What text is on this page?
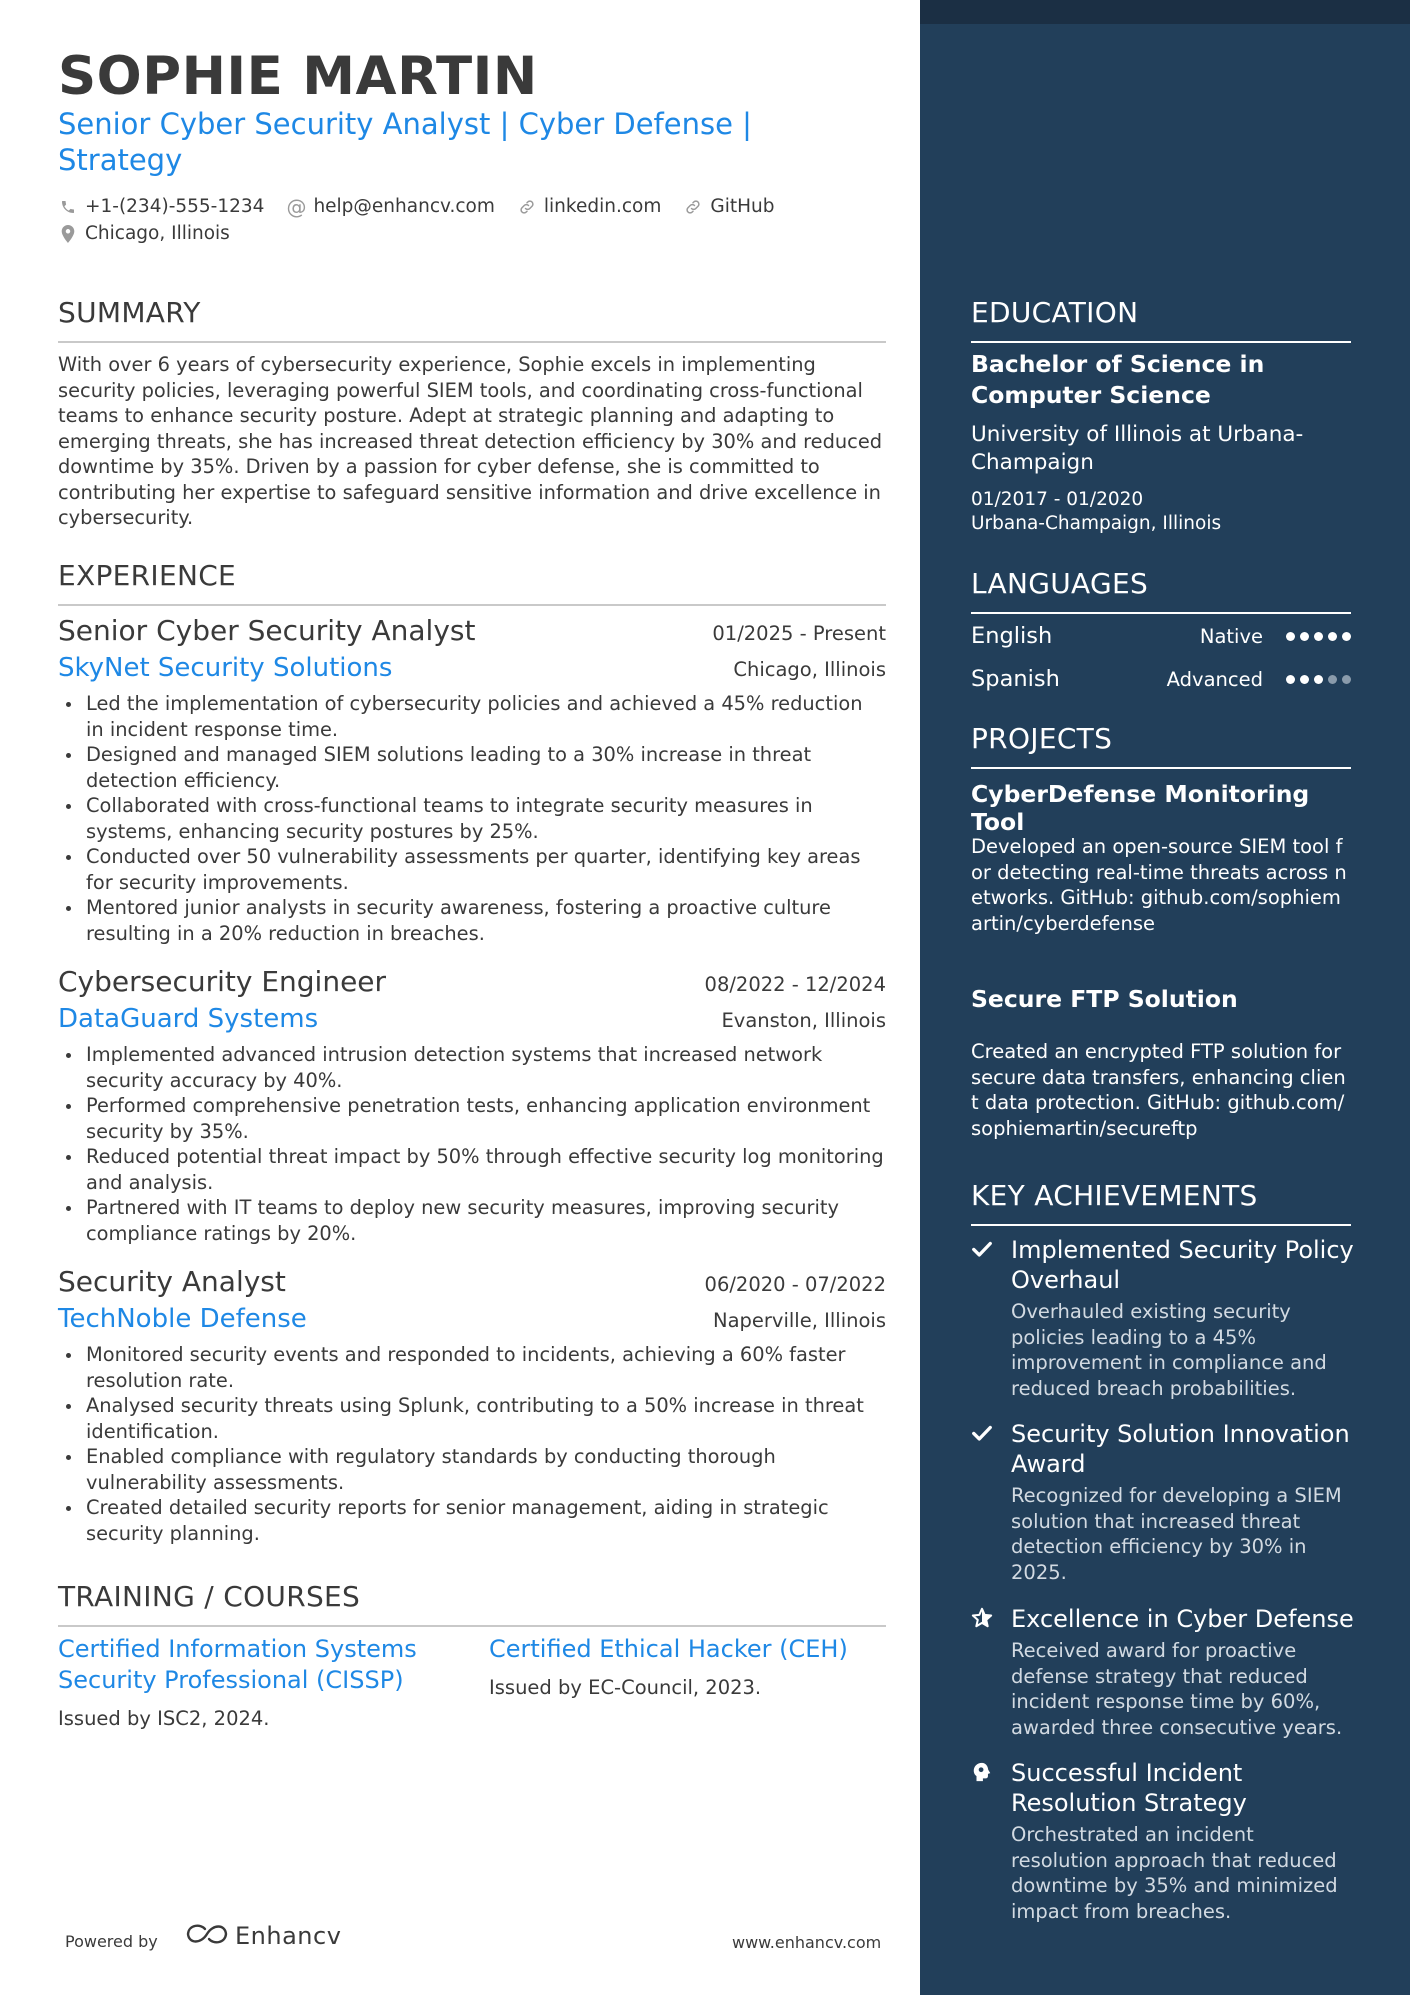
SOPHIE MARTIN
Senior Cyber Security Analyst | Cyber Defense | Strategy
+1-(234)-555-1234 @ help@enhancv.com	linkedin.com	GitHub
Chicago, Illinois
SUMMARY
With over 6 years of cybersecurity experience, Sophie excels in implementing security policies, leveraging powerful SIEM tools, and coordinating cross-functional teams to enhance security posture. Adept at strategic planning and adapting to emerging threats, she has increased threat detection efficiency by 30% and reduced downtime by 35%. Driven by a passion for cyber defense, she is committed to contributing her expertise to safeguard sensitive information and drive excellence in cybersecurity.
EXPERIENCE
Senior Cyber Security Analyst	01/2025 - Present
SkyNet Security Solutions	Chicago, Illinois
Led the implementation of cybersecurity policies and achieved a 45% reduction in incident response time.
Designed and managed SIEM solutions leading to a 30% increase in threat detection efficiency.
Collaborated with cross-functional teams to integrate security measures in systems, enhancing security postures by 25%.
Conducted over 50 vulnerability assessments per quarter, identifying key areas for security improvements.
Mentored junior analysts in security awareness, fostering a proactive culture resulting in a 20% reduction in breaches.
Cybersecurity Engineer	08/2022 - 12/2024
DataGuard Systems	Evanston, Illinois
Implemented advanced intrusion detection systems that increased network security accuracy by 40%.
Performed comprehensive penetration tests, enhancing application environment security by 35%.
Reduced potential threat impact by 50% through effective security log monitoring and analysis.
Partnered with IT teams to deploy new security measures, improving security compliance ratings by 20%.
Security Analyst	06/2020 - 07/2022
TechNoble Defense	Naperville, Illinois
Monitored security events and responded to incidents, achieving a 60% faster resolution rate.
Analysed security threats using Splunk, contributing to a 50% increase in threat identification.
Enabled compliance with regulatory standards by conducting thorough vulnerability assessments.
Created detailed security reports for senior management, aiding in strategic security planning.
TRAINING / COURSES
Certified Information Systems Security Professional (CISSP)
Issued by ISC2, 2024.
Certified Ethical Hacker (CEH)
Issued by EC-Council, 2023.
Powered by	Enhancv	www.enhancv.com
EDUCATION
Bachelor of Science in Computer Science
University of Illinois at Urbana-Champaign
01/2017 - 01/2020
Urbana-Champaign, Illinois
LANGUAGES
English	Native
Spanish	Advanced
PROJECTS
CyberDefense Monitoring Tool
Developed an open-source SIEM tool for detecting real-time threats across networks. GitHub: github.com/sophiemartin/cyberdefense
Secure FTP Solution
Created an encrypted FTP solution for secure data transfers, enhancing client data protection. GitHub: github.com/sophiemartin/secureftp
KEY ACHIEVEMENTS
Implemented Security Policy Overhaul
Overhauled existing security policies leading to a 45% improvement in compliance and reduced breach probabilities.
Security Solution Innovation Award
Recognized for developing a SIEM solution that increased threat detection efficiency by 30% in 2025.
Excellence in Cyber Defense
Received award for proactive defense strategy that reduced incident response time by 60%, awarded three consecutive years.
Successful Incident Resolution Strategy
Orchestrated an incident resolution approach that reduced downtime by 35% and minimized impact from breaches.
